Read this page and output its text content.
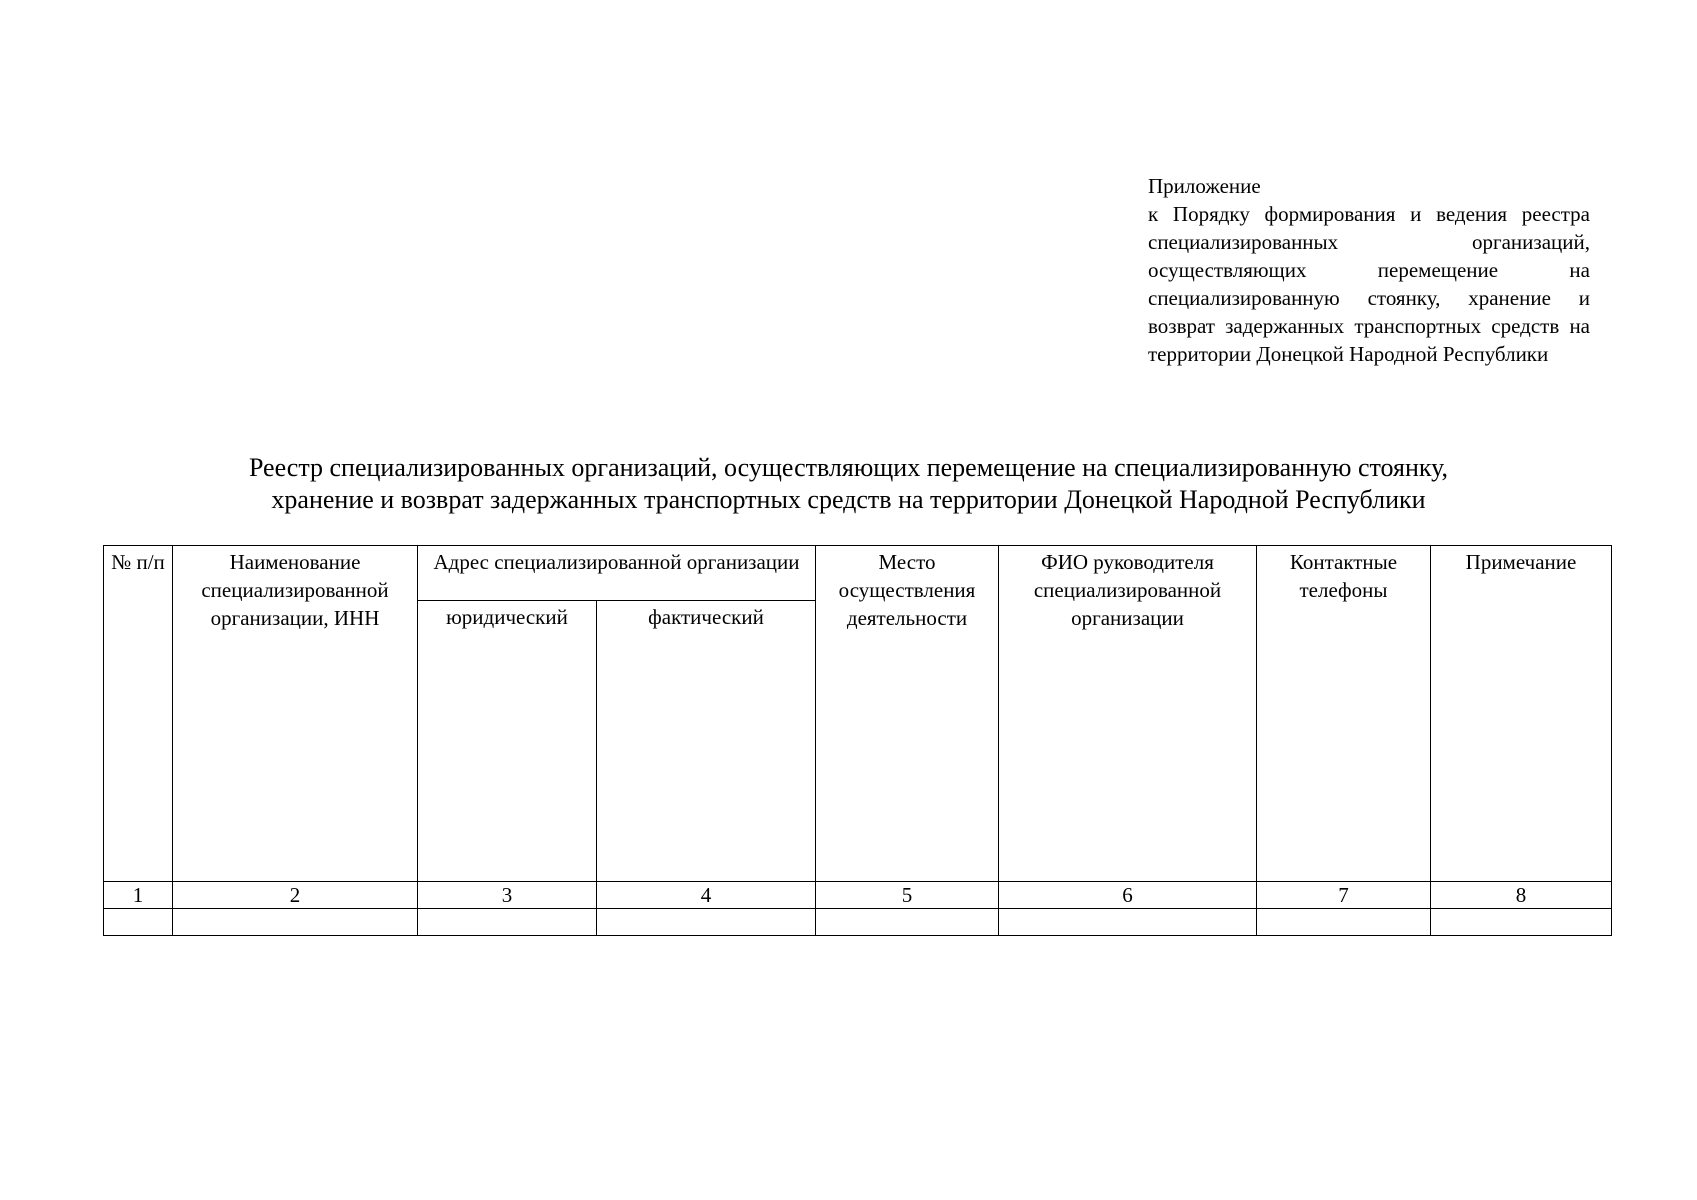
Приложение
к Порядку формирования и ведения реестра специализированных организаций, осуществляющих перемещение на специализированную стоянку, хранение и возврат задержанных транспортных средств на территории Донецкой Народной Республики
Реестр специализированных организаций, осуществляющих перемещение на специализированную стоянку,
хранение и возврат задержанных транспортных средств на территории Донецкой Народной Республики
№ п/п	Наименование специализированной организации, ИНН	Адрес специализированной организации		Место осуществления деятельности	ФИО руководителя специализированной организации	Контактные телефоны	Примечание
		юридический	фактический				
1	2	3	4	5	6	7	8
